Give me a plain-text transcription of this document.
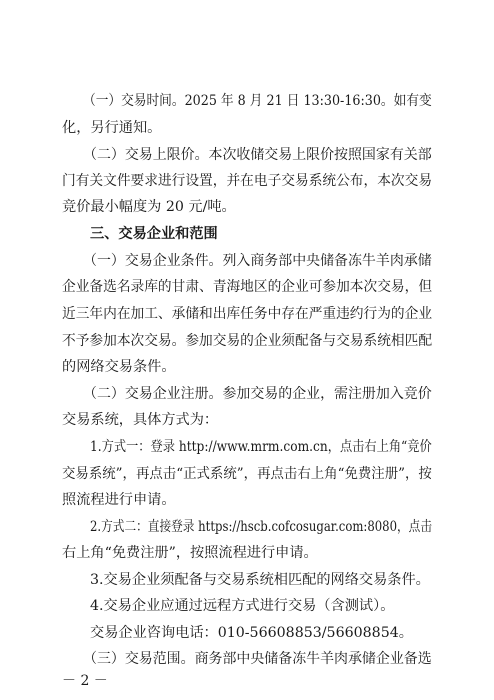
（一）交易时间。2025 年 8 月 21 日 13:30-16:30。如有变
化，另行通知。
（二）交易上限价。本次收储交易上限价按照国家有关部
门有关文件要求进行设置，并在电子交易系统公布，本次交易
竞价最小幅度为 20 元/吨。
三、交易企业和范围
（一）交易企业条件。列入商务部中央储备冻牛羊肉承储
企业备选名录库的甘肃、青海地区的企业可参加本次交易，但
近三年内在加工、承储和出库任务中存在严重违约行为的企业
不予参加本次交易。参加交易的企业须配备与交易系统相匹配
的网络交易条件。
（二）交易企业注册。参加交易的企业，需注册加入竞价
交易系统，具体方式为：
1.方式一：登录 http://www.mrm.com.cn，点击右上角“竞价
交易系统”，再点击“正式系统”，再点击右上角“免费注册”，按
照流程进行申请。
2.方式二：直接登录 https://hscb.cofcosugar.com:8080，点击
右上角“免费注册”，按照流程进行申请。
3.交易企业须配备与交易系统相匹配的网络交易条件。
4.交易企业应通过远程方式进行交易（含测试）。
交易企业咨询电话：010-56608853/56608854。
（三）交易范围。商务部中央储备冻牛羊肉承储企业备选
－ 2 －
